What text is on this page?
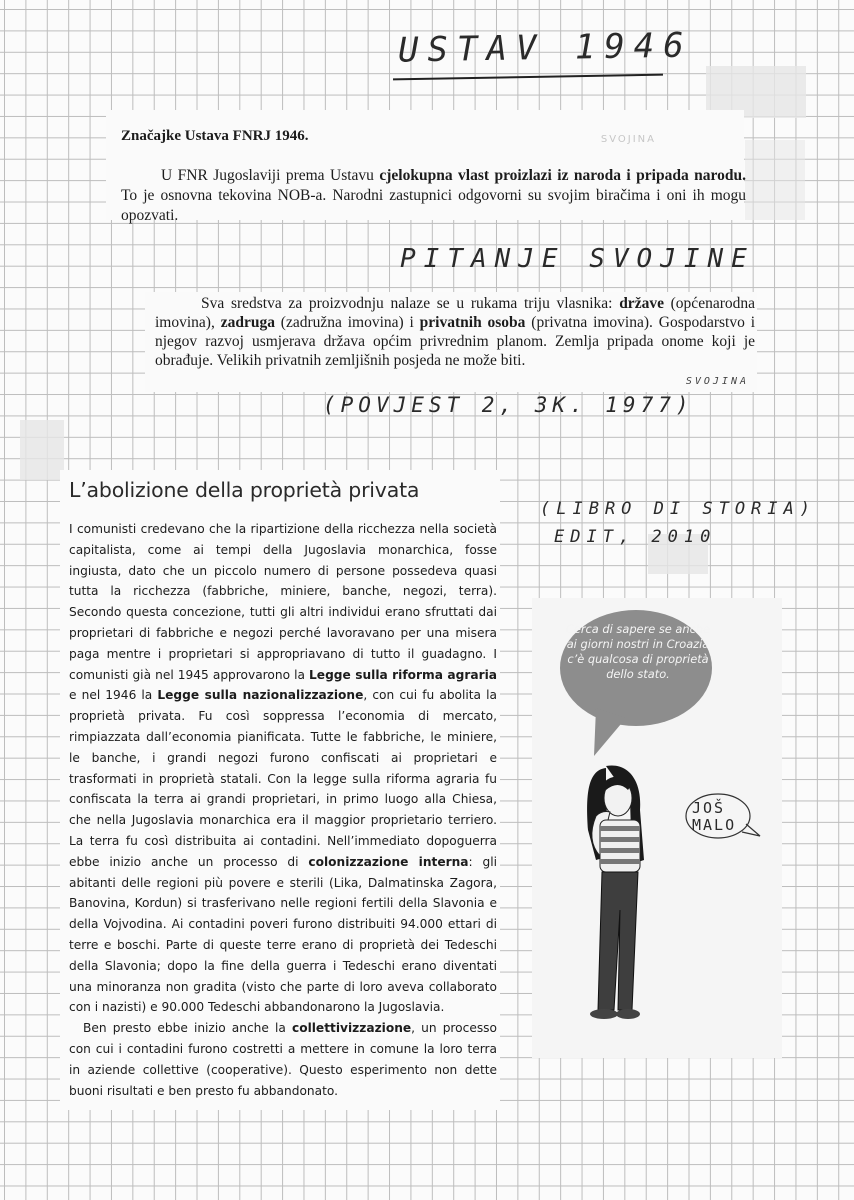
USTAV 1946
Značajke Ustava FNRJ 1946.	SVOJINA
U FNR Jugoslaviji prema Ustavu cjelokupna vlast proizlazi iz naroda i pripada narodu. To je osnovna tekovina NOB-a. Narodni zastupnici odgovorni su svojim biračima i oni ih mogu opozvati.
PITANJE SVOJINE
Sva sredstva za proizvodnju nalaze se u rukama triju vlasnika: države (općenarodna imovina), zadruga (zadružna imovina) i privatnih osoba (privatna imovina). Gospodarstvo i njegov razvoj usmjerava država općim privrednim planom. Zemlja pripada onome koji je obrađuje. Velikih privatnih zemljišnih posjeda ne može biti.
SVOJINA
(POVJEST 2, 3K. 1977)
L’abolizione della proprietà privata

I comunisti credevano che la ripartizione della ricchezza nella società capitalista, come ai tempi della Jugoslavia monarchica, fosse ingiusta, dato che un piccolo numero di persone possedeva quasi tutta la ricchezza (fabbriche, miniere, banche, negozi, terra). Secondo questa concezione, tutti gli altri individui erano sfruttati dai proprietari di fabbriche e negozi perché lavoravano per una misera paga mentre i proprietari si appropriavano di tutto il guadagno. I comunisti già nel 1945 approvarono la Legge sulla riforma agraria e nel 1946 la Legge sulla nazionalizzazione, con cui fu abolita la proprietà privata. Fu così soppressa l’economia di mercato, rimpiazzata dall’economia pianificata. Tutte le fabbriche, le miniere, le banche, i grandi negozi furono confiscati ai proprietari e trasformati in proprietà statali. Con la legge sulla riforma agraria fu confiscata la terra ai grandi proprietari, in primo luogo alla Chiesa, che nella Jugoslavia monarchica era il maggior proprietario terriero. La terra fu così distribuita ai contadini. Nell’immediato dopoguerra ebbe inizio anche un processo di colonizzazione interna: gli abitanti delle regioni più povere e sterili (Lika, Dalmatinska Zagora, Banovina, Kordun) si trasferivano nelle regioni fertili della Slavonia e della Vojvodina. Ai contadini poveri furono distribuiti 94.000 ettari di terre e boschi. Parte di queste terre erano di proprietà dei Tedeschi della Slavonia; dopo la fine della guerra i Tedeschi erano diventati una minoranza non gradita (visto che parte di loro aveva collaborato con i nazisti) e 90.000 Tedeschi abbandonarono la Jugoslavia.

Ben presto ebbe inizio anche la collettivizzazione, un processo con cui i contadini furono costretti a mettere in comune la loro terra in aziende collettive (cooperative). Questo esperimento non dette buoni risultati e ben presto fu abbandonato.

(LIBRO DI STORIA)
EDIT, 2010
Cerca di sapere se anche ai giorni nostri in Croazia c’è qualcosa di proprietà dello stato.
JOŠ MALO
